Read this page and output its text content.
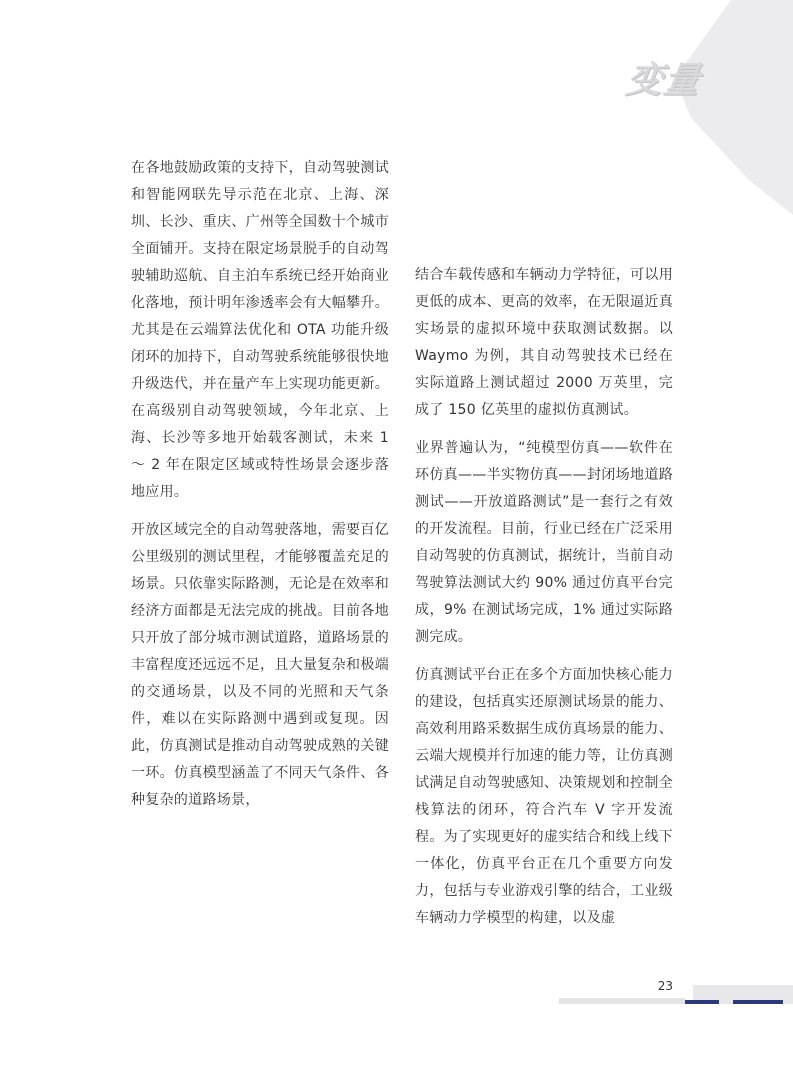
变量

在各地鼓励政策的支持下，自动驾驶测试和智能网联先导示范在北京、上海、深圳、长沙、重庆、广州等全国数十个城市全面铺开。支持在限定场景脱手的自动驾驶辅助巡航、自主泊车系统已经开始商业化落地，预计明年渗透率会有大幅攀升。尤其是在云端算法优化和 OTA 功能升级闭环的加持下，自动驾驶系统能够很快地升级迭代，并在量产车上实现功能更新。在高级别自动驾驶领域，今年北京、上海、长沙等多地开始载客测试，未来 1 ～ 2 年在限定区域或特性场景会逐步落地应用。

开放区域完全的自动驾驶落地，需要百亿公里级别的测试里程，才能够覆盖充足的场景。只依靠实际路测，无论是在效率和经济方面都是无法完成的挑战。目前各地只开放了部分城市测试道路，道路场景的丰富程度还远远不足，且大量复杂和极端的交通场景，以及不同的光照和天气条件，难以在实际路测中遇到或复现。因此，仿真测试是推动自动驾驶成熟的关键一环。仿真模型涵盖了不同天气条件、各种复杂的道路场景，

结合车载传感和车辆动力学特征，可以用更低的成本、更高的效率，在无限逼近真实场景的虚拟环境中获取测试数据。以 Waymo 为例，其自动驾驶技术已经在实际道路上测试超过 2000 万英里，完成了 150 亿英里的虚拟仿真测试。

业界普遍认为，“纯模型仿真——软件在环仿真——半实物仿真——封闭场地道路测试——开放道路测试”是一套行之有效的开发流程。目前，行业已经在广泛采用自动驾驶的仿真测试，据统计，当前自动驾驶算法测试大约 90% 通过仿真平台完成，9% 在测试场完成，1% 通过实际路测完成。

仿真测试平台正在多个方面加快核心能力的建设，包括真实还原测试场景的能力、高效利用路采数据生成仿真场景的能力、云端大规模并行加速的能力等，让仿真测试满足自动驾驶感知、决策规划和控制全栈算法的闭环，符合汽车 V 字开发流程。为了实现更好的虚实结合和线上线下一体化，仿真平台正在几个重要方向发力，包括与专业游戏引擎的结合，工业级车辆动力学模型的构建，以及虚

23
